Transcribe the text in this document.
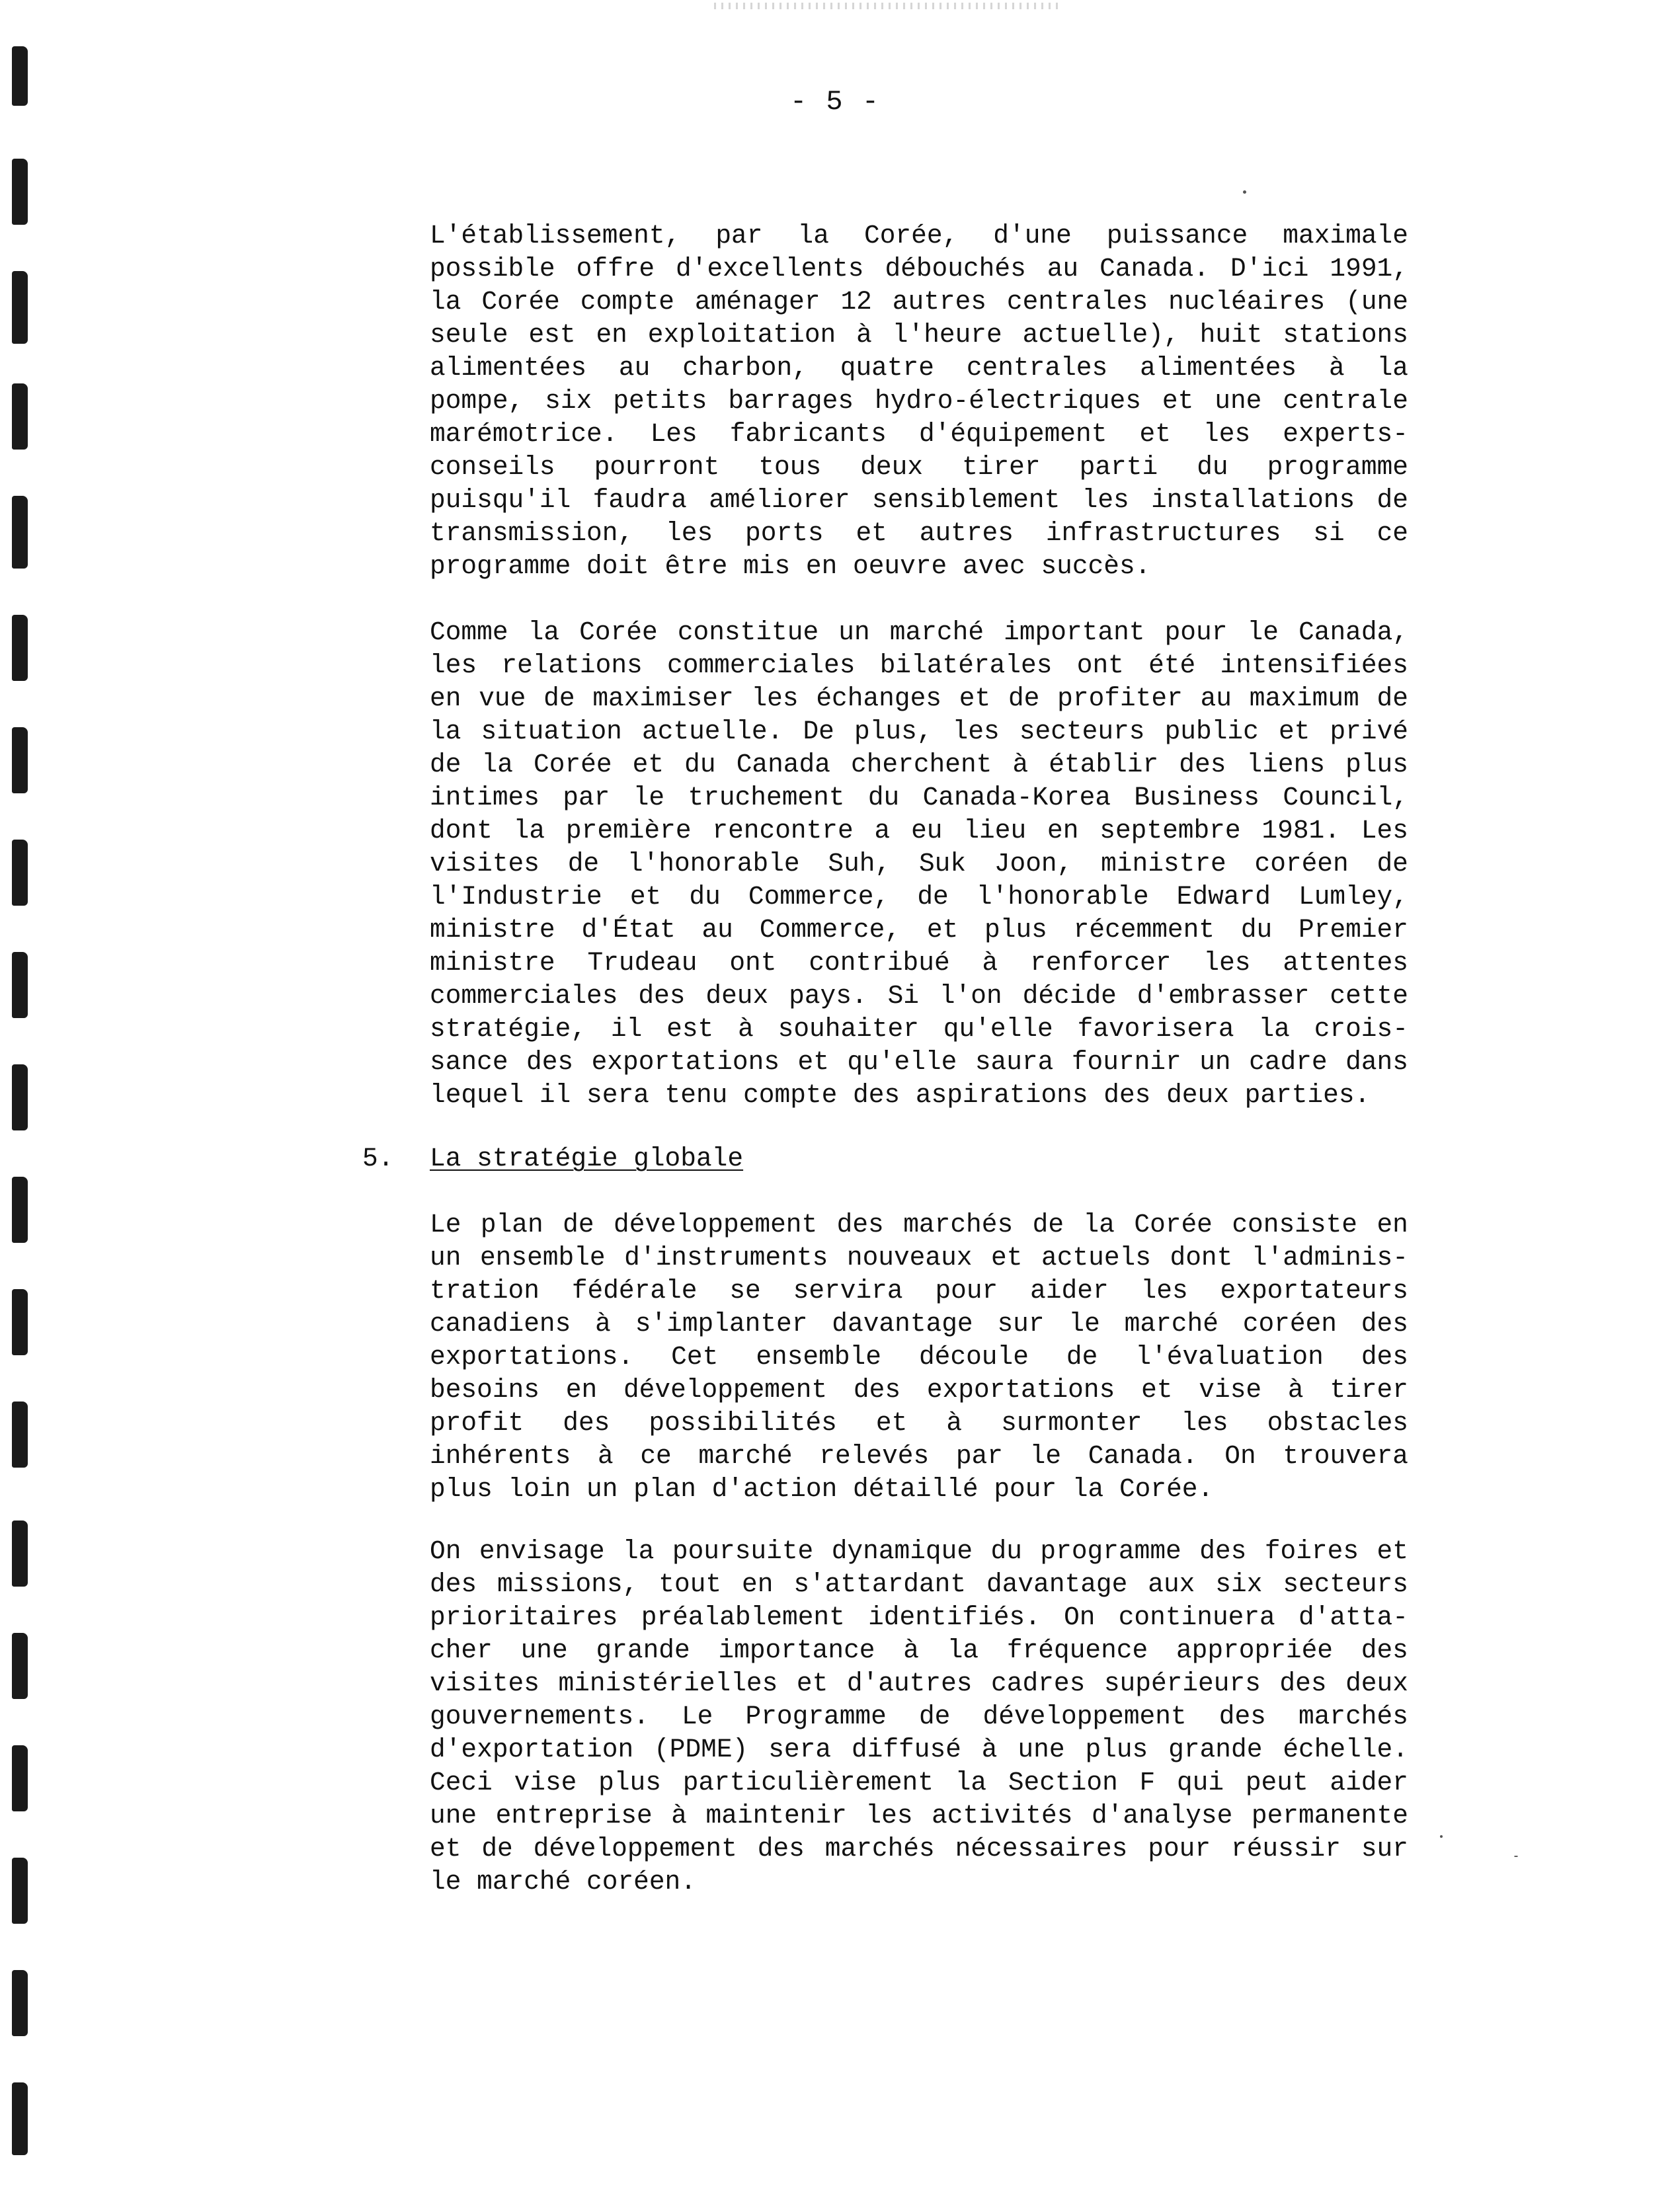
- 5 -
L'établissement, par la Corée, d'une puissance maximale
possible offre d'excellents débouchés au Canada. D'ici 1991,
la Corée compte aménager 12 autres centrales nucléaires (une
seule est en exploitation à l'heure actuelle), huit stations
alimentées au charbon, quatre centrales alimentées à la
pompe, six petits barrages hydro-électriques et une centrale
marémotrice. Les fabricants d'équipement et les experts-
conseils pourront tous deux tirer parti du programme
puisqu'il faudra améliorer sensiblement les installations de
transmission, les ports et autres infrastructures si ce
programme doit être mis en oeuvre avec succès.
Comme la Corée constitue un marché important pour le Canada,
les relations commerciales bilatérales ont été intensifiées
en vue de maximiser les échanges et de profiter au maximum de
la situation actuelle. De plus, les secteurs public et privé
de la Corée et du Canada cherchent à établir des liens plus
intimes par le truchement du Canada-Korea Business Council,
dont la première rencontre a eu lieu en septembre 1981. Les
visites de l'honorable Suh, Suk Joon, ministre coréen de
l'Industrie et du Commerce, de l'honorable Edward Lumley,
ministre d'État au Commerce, et plus récemment du Premier
ministre Trudeau ont contribué à renforcer les attentes
commerciales des deux pays. Si l'on décide d'embrasser cette
stratégie, il est à souhaiter qu'elle favorisera la crois-
sance des exportations et qu'elle saura fournir un cadre dans
lequel il sera tenu compte des aspirations des deux parties.
5. La stratégie globale
Le plan de développement des marchés de la Corée consiste en
un ensemble d'instruments nouveaux et actuels dont l'adminis-
tration fédérale se servira pour aider les exportateurs
canadiens à s'implanter davantage sur le marché coréen des
exportations. Cet ensemble découle de l'évaluation des
besoins en développement des exportations et vise à tirer
profit des possibilités et à surmonter les obstacles
inhérents à ce marché relevés par le Canada. On trouvera
plus loin un plan d'action détaillé pour la Corée.
On envisage la poursuite dynamique du programme des foires et
des missions, tout en s'attardant davantage aux six secteurs
prioritaires préalablement identifiés. On continuera d'atta-
cher une grande importance à la fréquence appropriée des
visites ministérielles et d'autres cadres supérieurs des deux
gouvernements. Le Programme de développement des marchés
d'exportation (PDME) sera diffusé à une plus grande échelle.
Ceci vise plus particulièrement la Section F qui peut aider
une entreprise à maintenir les activités d'analyse permanente
et de développement des marchés nécessaires pour réussir sur
le marché coréen.
